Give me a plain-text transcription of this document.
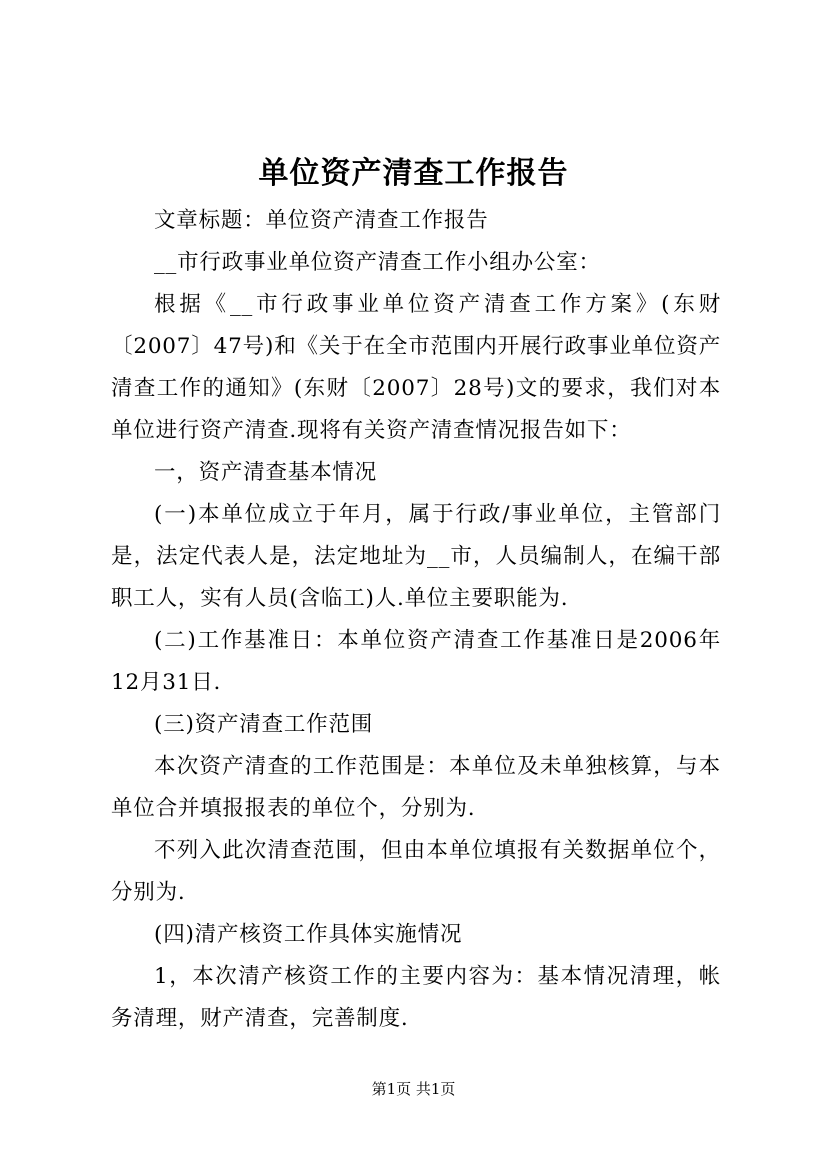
单位资产清查工作报告
文章标题：单位资产清查工作报告
__市行政事业单位资产清查工作小组办公室：
根据《__市行政事业单位资产清查工作方案》(东财〔2007〕47号)和《关于在全市范围内开展行政事业单位资产清查工作的通知》(东财〔2007〕28号)文的要求，我们对本单位进行资产清查.现将有关资产清查情况报告如下：
一，资产清查基本情况
(一)本单位成立于年月，属于行政/事业单位，主管部门是，法定代表人是，法定地址为__市，人员编制人，在编干部职工人，实有人员(含临工)人.单位主要职能为.
(二)工作基准日：本单位资产清查工作基准日是2006年12月31日.
(三)资产清查工作范围
本次资产清查的工作范围是：本单位及未单独核算，与本单位合并填报报表的单位个，分别为.
不列入此次清查范围，但由本单位填报有关数据单位个，分别为.
(四)清产核资工作具体实施情况
1，本次清产核资工作的主要内容为：基本情况清理，帐务清理，财产清查，完善制度.
第1页 共1页
